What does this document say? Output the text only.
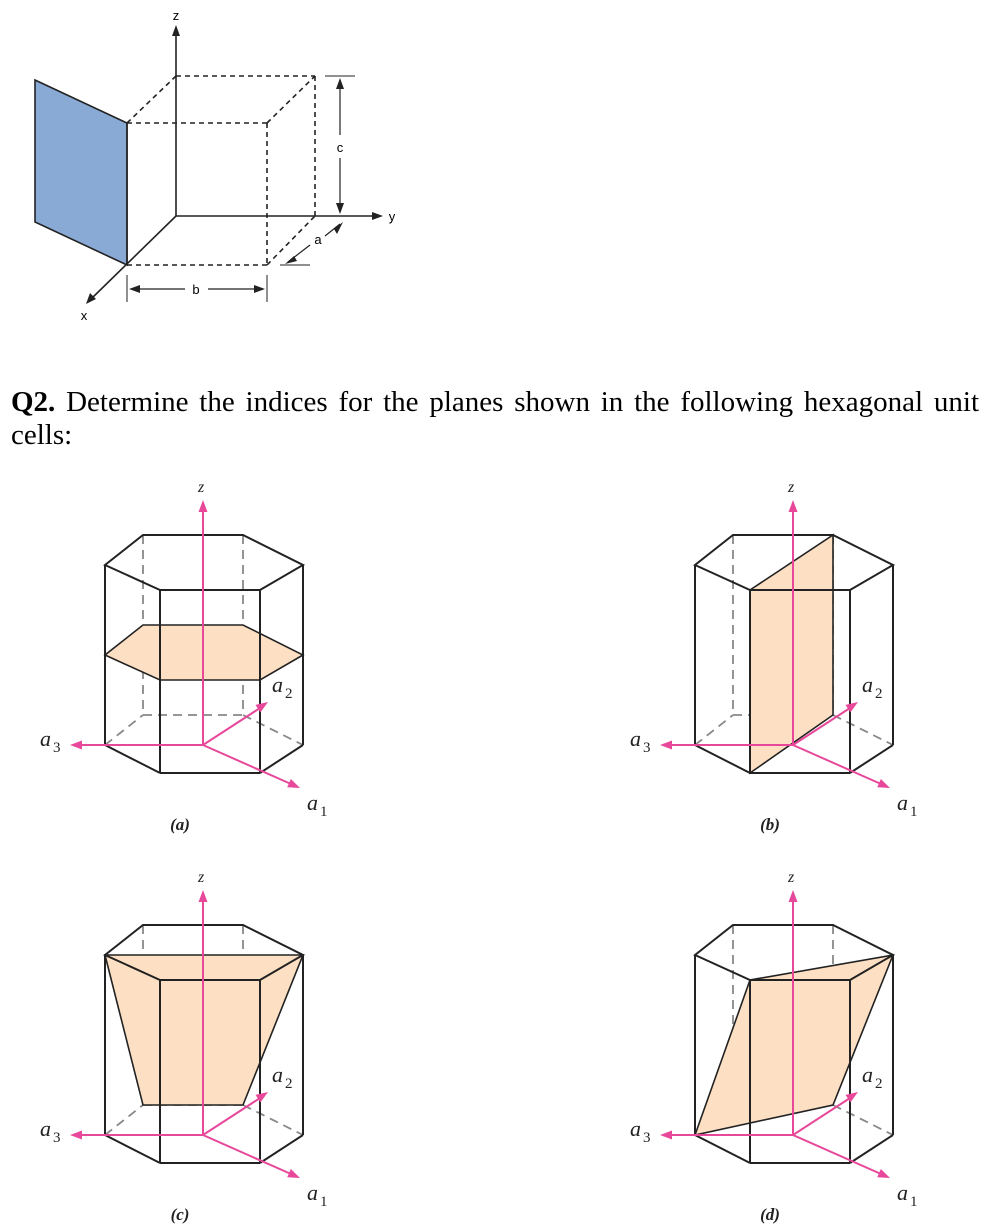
z
y
x
c
b
a
Q2. Determine the indices for the planes shown in the following hexagonal unit cells:
z
a 1
a 2
a 3
(a)
z
a 1
a 2
a 3
(b)
z
a 1
a 2
a 3
(c)
z
a 1
a 2
a 3
(d)
